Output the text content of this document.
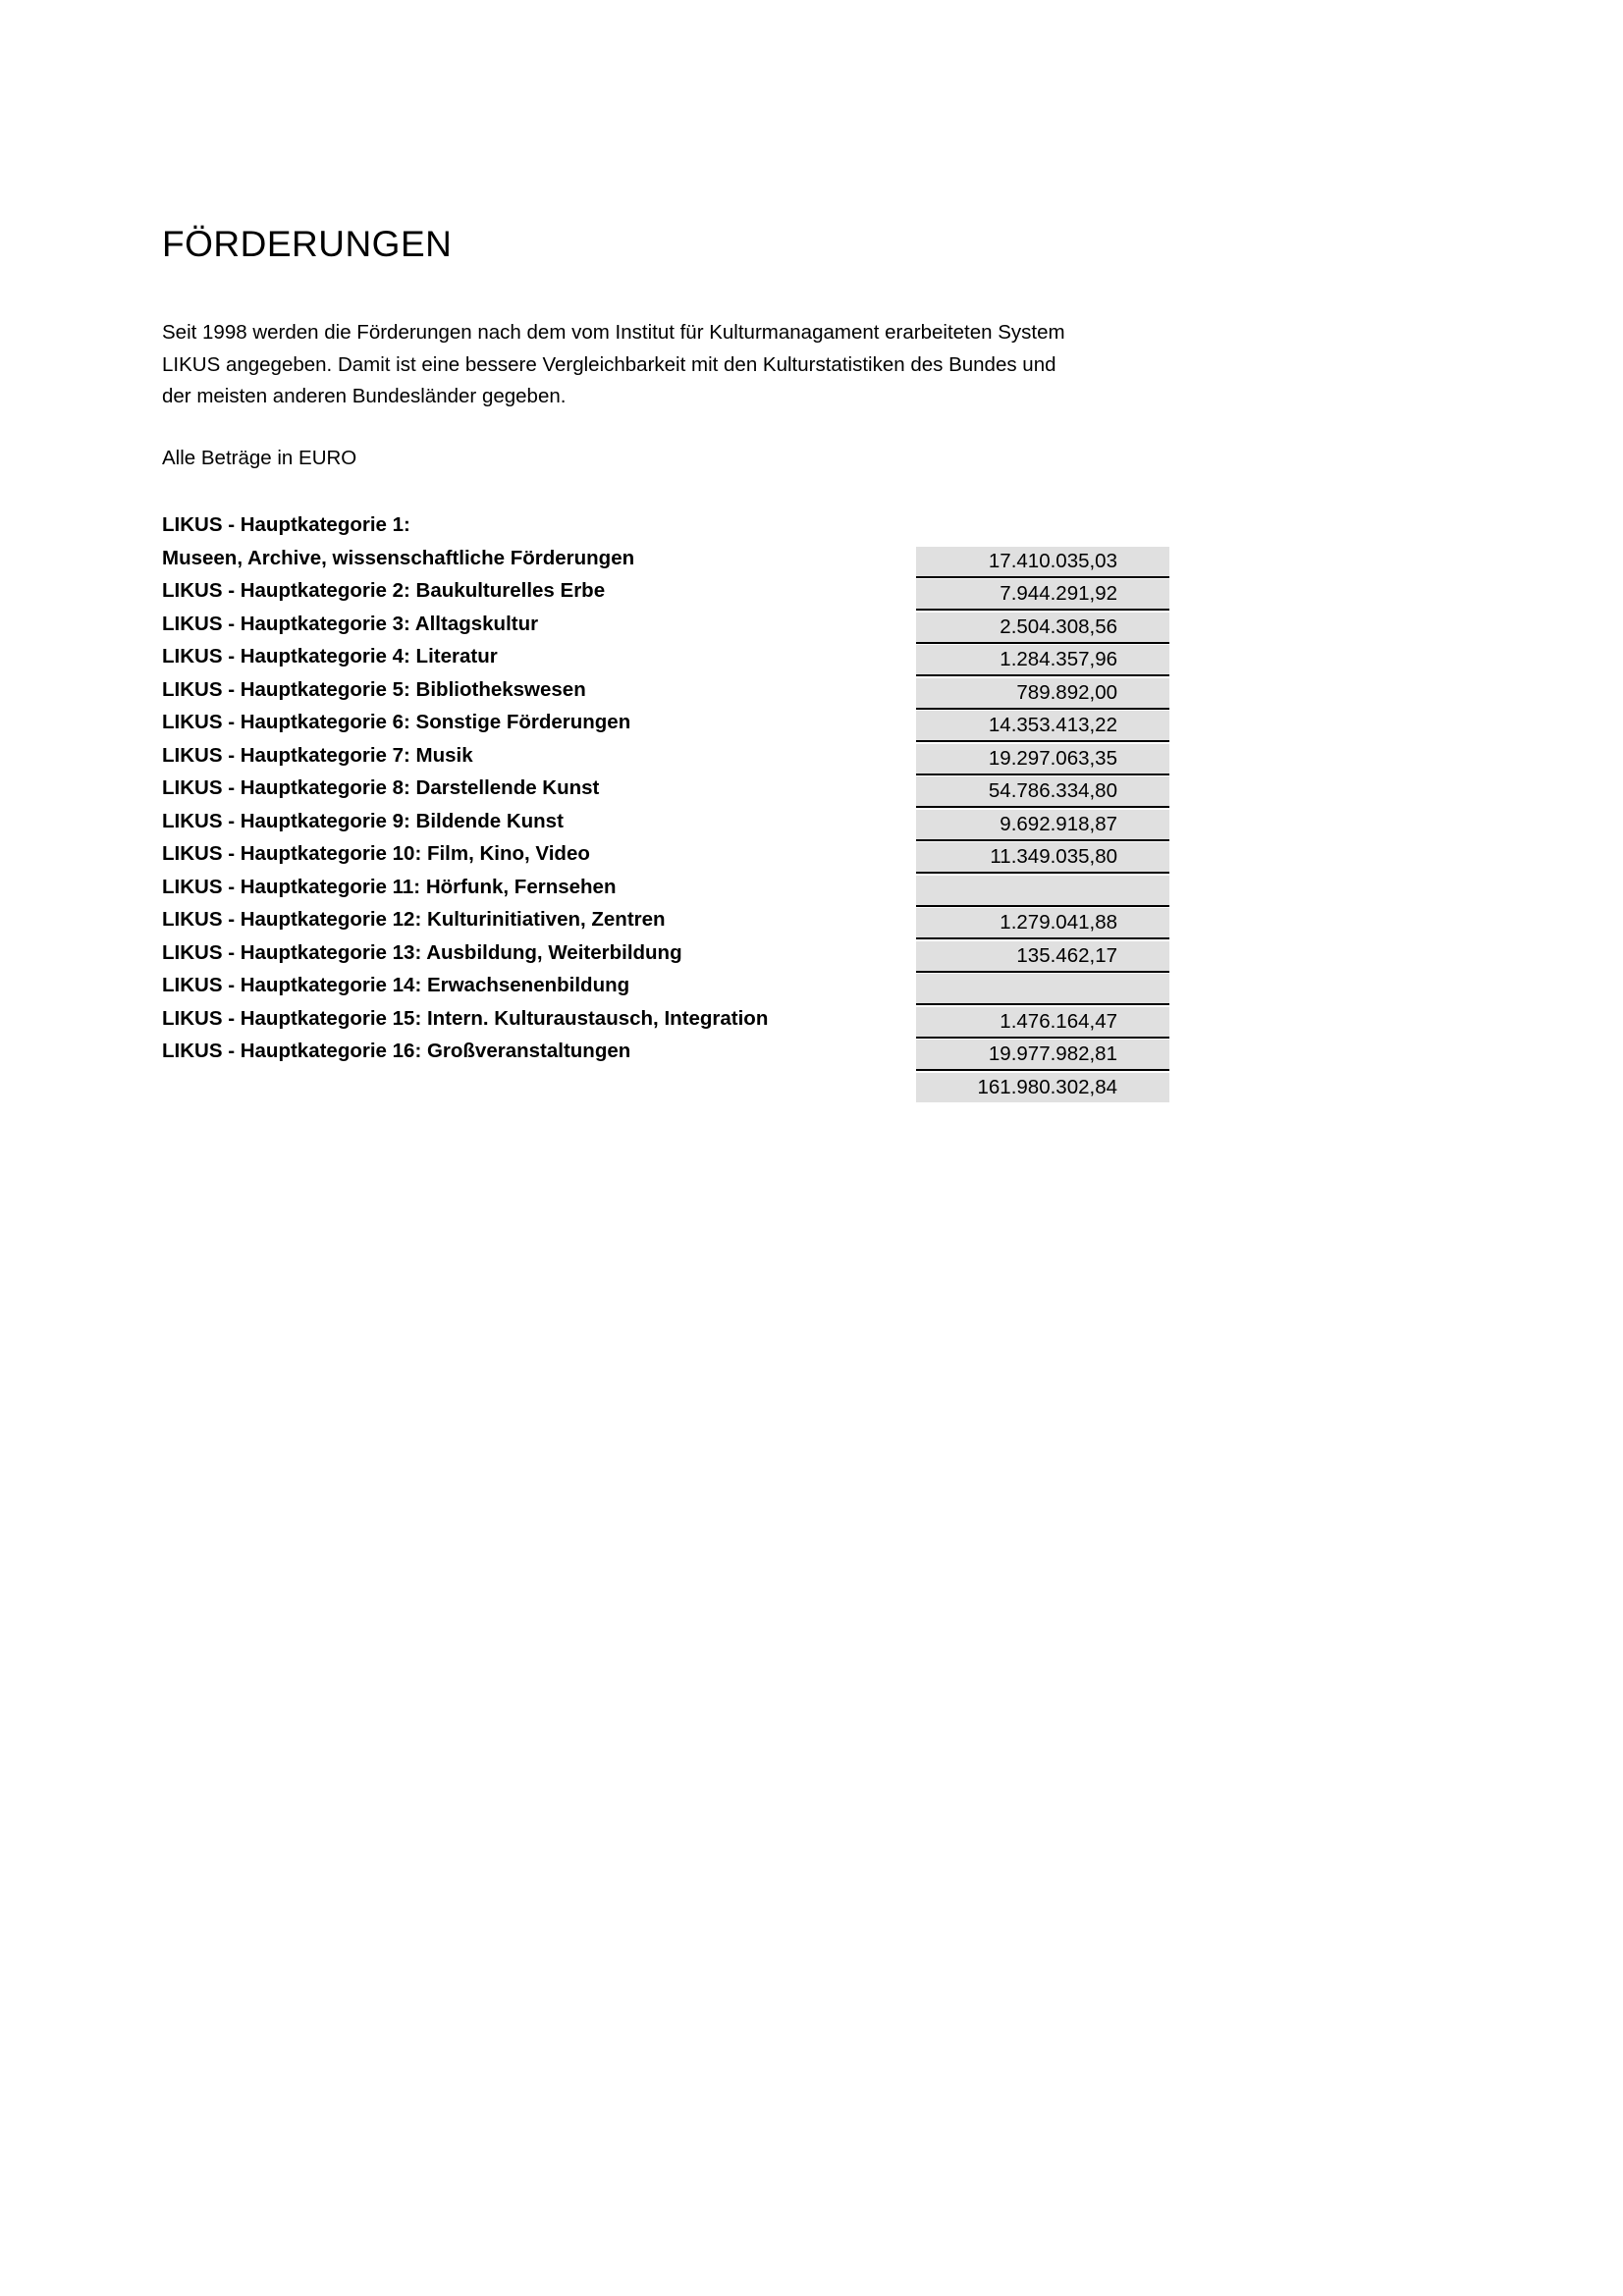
FÖRDERUNGEN

Seit 1998 werden die Förderungen nach dem vom Institut für Kulturmanagament erarbeiteten System
LIKUS angegeben. Damit ist eine bessere Vergleichbarkeit mit den Kulturstatistiken des Bundes und
der meisten anderen Bundesländer gegeben.

Alle Beträge in EURO

LIKUS - Hauptkategorie 1:
Museen, Archive, wissenschaftliche Förderungen	17.410.035,03
LIKUS - Hauptkategorie 2: Baukulturelles Erbe	7.944.291,92
LIKUS - Hauptkategorie 3: Alltagskultur	2.504.308,56
LIKUS - Hauptkategorie 4: Literatur	1.284.357,96
LIKUS - Hauptkategorie 5: Bibliothekswesen	789.892,00
LIKUS - Hauptkategorie 6: Sonstige Förderungen	14.353.413,22
LIKUS - Hauptkategorie 7: Musik	19.297.063,35
LIKUS - Hauptkategorie 8: Darstellende Kunst	54.786.334,80
LIKUS - Hauptkategorie 9: Bildende Kunst	9.692.918,87
LIKUS - Hauptkategorie 10: Film, Kino, Video	11.349.035,80
LIKUS - Hauptkategorie 11: Hörfunk, Fernsehen
LIKUS - Hauptkategorie 12: Kulturinitiativen, Zentren	1.279.041,88
LIKUS - Hauptkategorie 13: Ausbildung, Weiterbildung	135.462,17
LIKUS - Hauptkategorie 14: Erwachsenenbildung
LIKUS - Hauptkategorie 15: Intern. Kulturaustausch, Integration	1.476.164,47
LIKUS - Hauptkategorie 16: Großveranstaltungen	19.977.982,81
161.980.302,84
